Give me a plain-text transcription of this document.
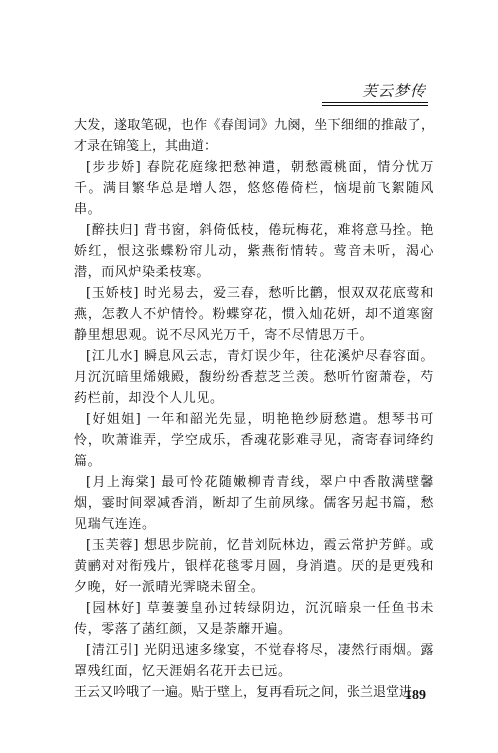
芙云梦传

大发，遂取笔砚，也作《春闺词》九阕，坐下细细的推敲了，才录在锦笺上，其曲道：

[步步娇] 春院花庭缘把愁神遣，朝愁霞桃面，情分忧万千。满目繁华总是增人怨，悠悠倦倚栏，恼堤前飞絮随风串。

[醉扶归] 背书窗，斜倚低枝，倦玩梅花，难将意马拴。艳娇红，恨这张蝶粉帘儿动，紫燕衔情转。莺音未听，渴心潜，而风炉染柔枝寒。

[玉娇枝] 时光易去，爱三春，愁听比鹳，恨双双花底莺和燕，怎教人不炉情怜。粉蝶穿花，惯入灿花妍，却不道寒窗静里想思观。说不尽风光万千，寄不尽情思万千。

[江儿水] 瞬息风云志，青灯误少年，往花溪炉尽春容面。月沉沉暗里烯娥殿，馥纷纷香惹芝兰羡。愁听竹窗萧卷，芍药栏前，却没个人儿见。

[好姐姐] 一年和韶光先显，明艳艳纱厨愁遣。想琴书可怜，吹萧谁弄，学空成乐，香魂花影难寻见，斋寄春词绛约篇。

[月上海棠] 最可怜花随嫩柳青青线，翠户中香散满壁馨烟，霎时间翠减香消，断却了生前夙缘。儒客另起书篇，愁见瑞气连连。

[玉芙蓉] 想思步院前，忆昔刘阮林边，霞云常护芳鲜。或黄鹂对对衔残片，银样花毯零月圆，身消遣。厌的是更残和夕晚，好一派晴光霁晓未留全。

[园林好] 草萋萋皇孙过转绿阴边，沉沉暗泉一任鱼书未传，零落了菡红颜，又是荼蘼开遍。

[清江引] 光阴迅速多缘宴，不觉春将尽，凄然行雨烟。露罩残红面，忆天涯娟名花开去已远。

王云又吟哦了一遍。贴于壁上，复再看玩之间，张兰退堂进

189
